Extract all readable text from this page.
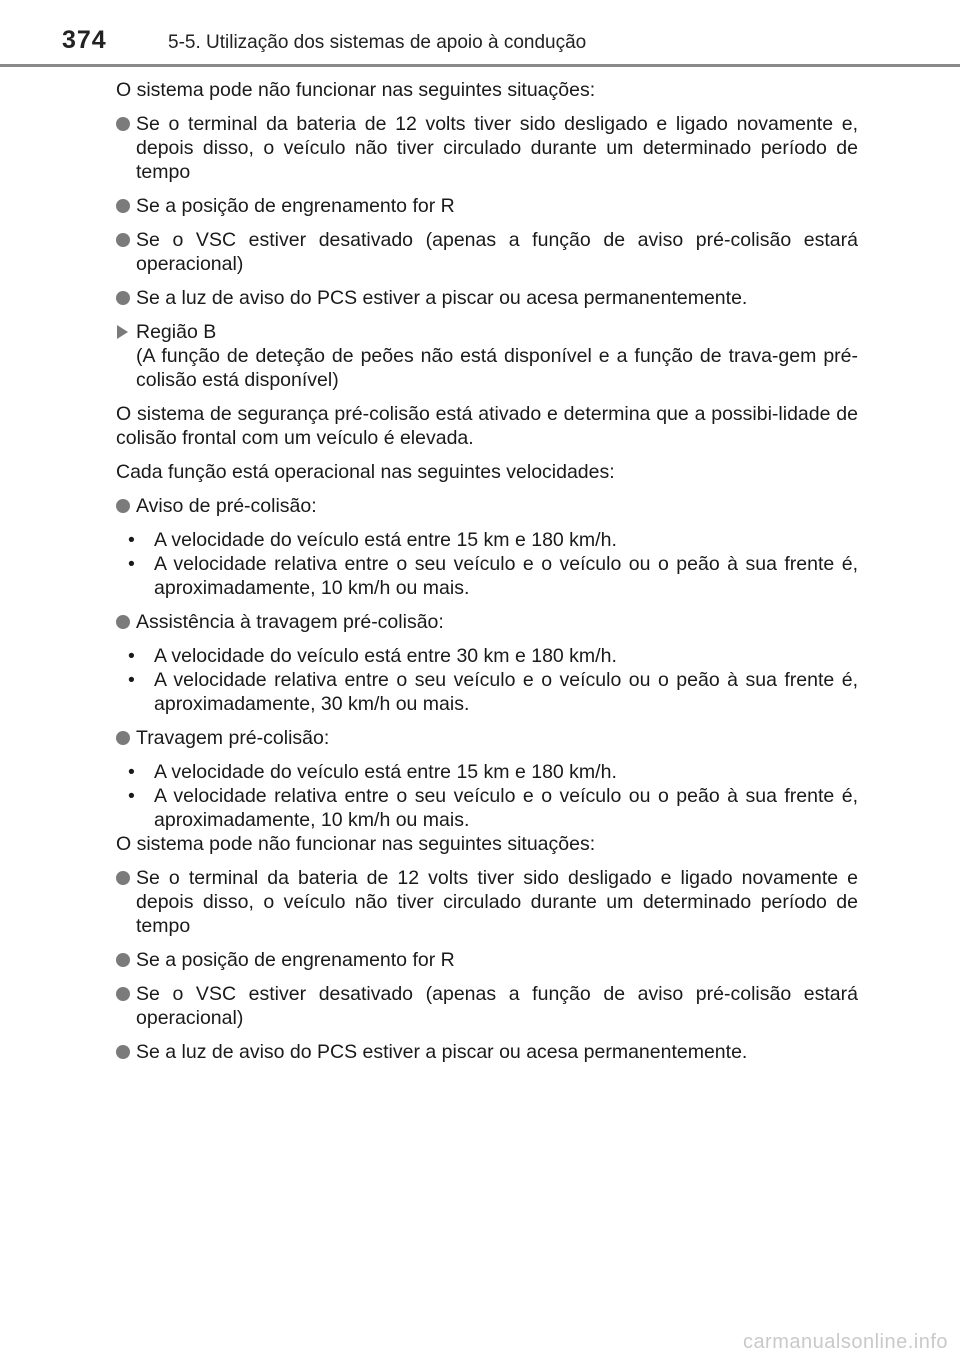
374	5-5. Utilização dos sistemas de apoio à condução

O sistema pode não funcionar nas seguintes situações:

Se o terminal da bateria de 12 volts tiver sido desligado e ligado novamente e, depois disso, o veículo não tiver circulado durante um determinado período de tempo
Se a posição de engrenamento for R
Se o VSC estiver desativado (apenas a função de aviso pré-colisão estará operacional)
Se a luz de aviso do PCS estiver a piscar ou acesa permanentemente.
Região B
(A função de deteção de peões não está disponível e a função de trava-gem pré-colisão está disponível)

O sistema de segurança pré-colisão está ativado e determina que a possibi-lidade de colisão frontal com um veículo é elevada.

Cada função está operacional nas seguintes velocidades:

Aviso de pré-colisão:
• A velocidade do veículo está entre 15 km e 180 km/h.
• A velocidade relativa entre o seu veículo e o veículo ou o peão à sua frente é, aproximadamente, 10 km/h ou mais.
Assistência à travagem pré-colisão:
• A velocidade do veículo está entre 30 km e 180 km/h.
• A velocidade relativa entre o seu veículo e o veículo ou o peão à sua frente é, aproximadamente, 30 km/h ou mais.
Travagem pré-colisão:
• A velocidade do veículo está entre 15 km e 180 km/h.
• A velocidade relativa entre o seu veículo e o veículo ou o peão à sua frente é, aproximadamente, 10 km/h ou mais.

O sistema pode não funcionar nas seguintes situações:

Se o terminal da bateria de 12 volts tiver sido desligado e ligado novamente e depois disso, o veículo não tiver circulado durante um determinado período de tempo
Se a posição de engrenamento for R
Se o VSC estiver desativado (apenas a função de aviso pré-colisão estará operacional)
Se a luz de aviso do PCS estiver a piscar ou acesa permanentemente.
carmanualsonline.info
